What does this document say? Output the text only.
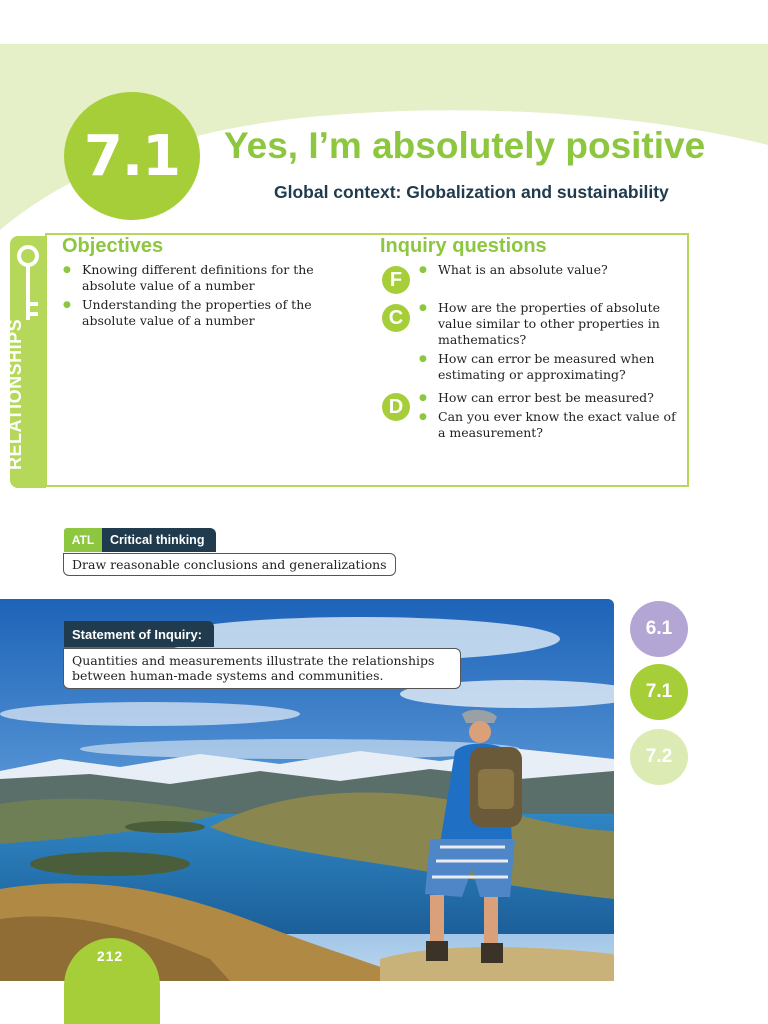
7.1	Yes, I’m absolutely positive
Global context: Globalization and sustainability
RELATIONSHIPS
Objectives	Inquiry questions
● Knowing different definitions for the absolute value of a number
● Understanding the properties of the absolute value of a number
F	● What is an absolute value?
C	● How are the properties of absolute value similar to other properties in mathematics?
● How can error be measured when estimating or approximating?
D	● How can error best be measured?
● Can you ever know the exact value of a measurement?
ATL	Critical thinking
Draw reasonable conclusions and generalizations
Statement of Inquiry:
Quantities and measurements illustrate the relationships between human-made systems and communities.
6.1
7.1
7.2
212
